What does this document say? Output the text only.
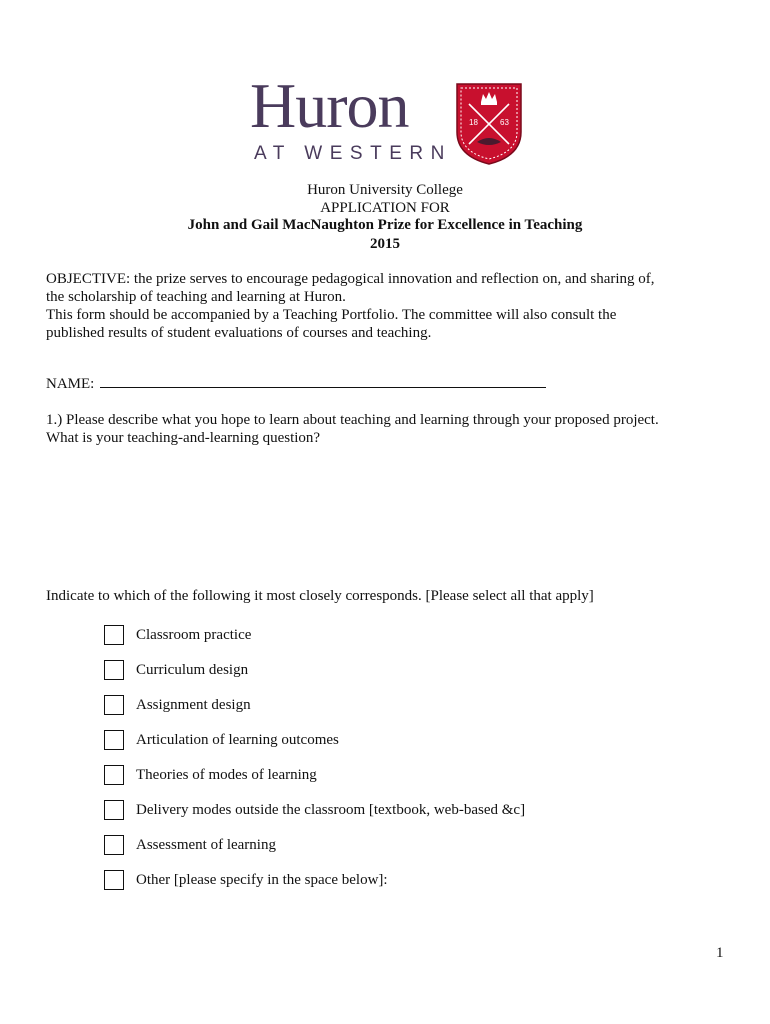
Huron
AT WESTERN
18	63
Huron University College
APPLICATION FOR
John and Gail MacNaughton Prize for Excellence in Teaching
2015

OBJECTIVE: the prize serves to encourage pedagogical innovation and reflection on, and sharing of,

the scholarship of teaching and learning at Huron.

This form should be accompanied by a Teaching Portfolio. The committee will also consult the

published results of student evaluations of courses and teaching.

NAME:

1.) Please describe what you hope to learn about teaching and learning through your proposed project.

What is your teaching-and-learning question?

Indicate to which of the following it most closely corresponds. [Please select all that apply]

Classroom practice
Curriculum design
Assignment design
Articulation of learning outcomes
Theories of modes of learning
Delivery modes outside the classroom [textbook, web-based &c]
Assessment of learning
Other [please specify in the space below]:
1
